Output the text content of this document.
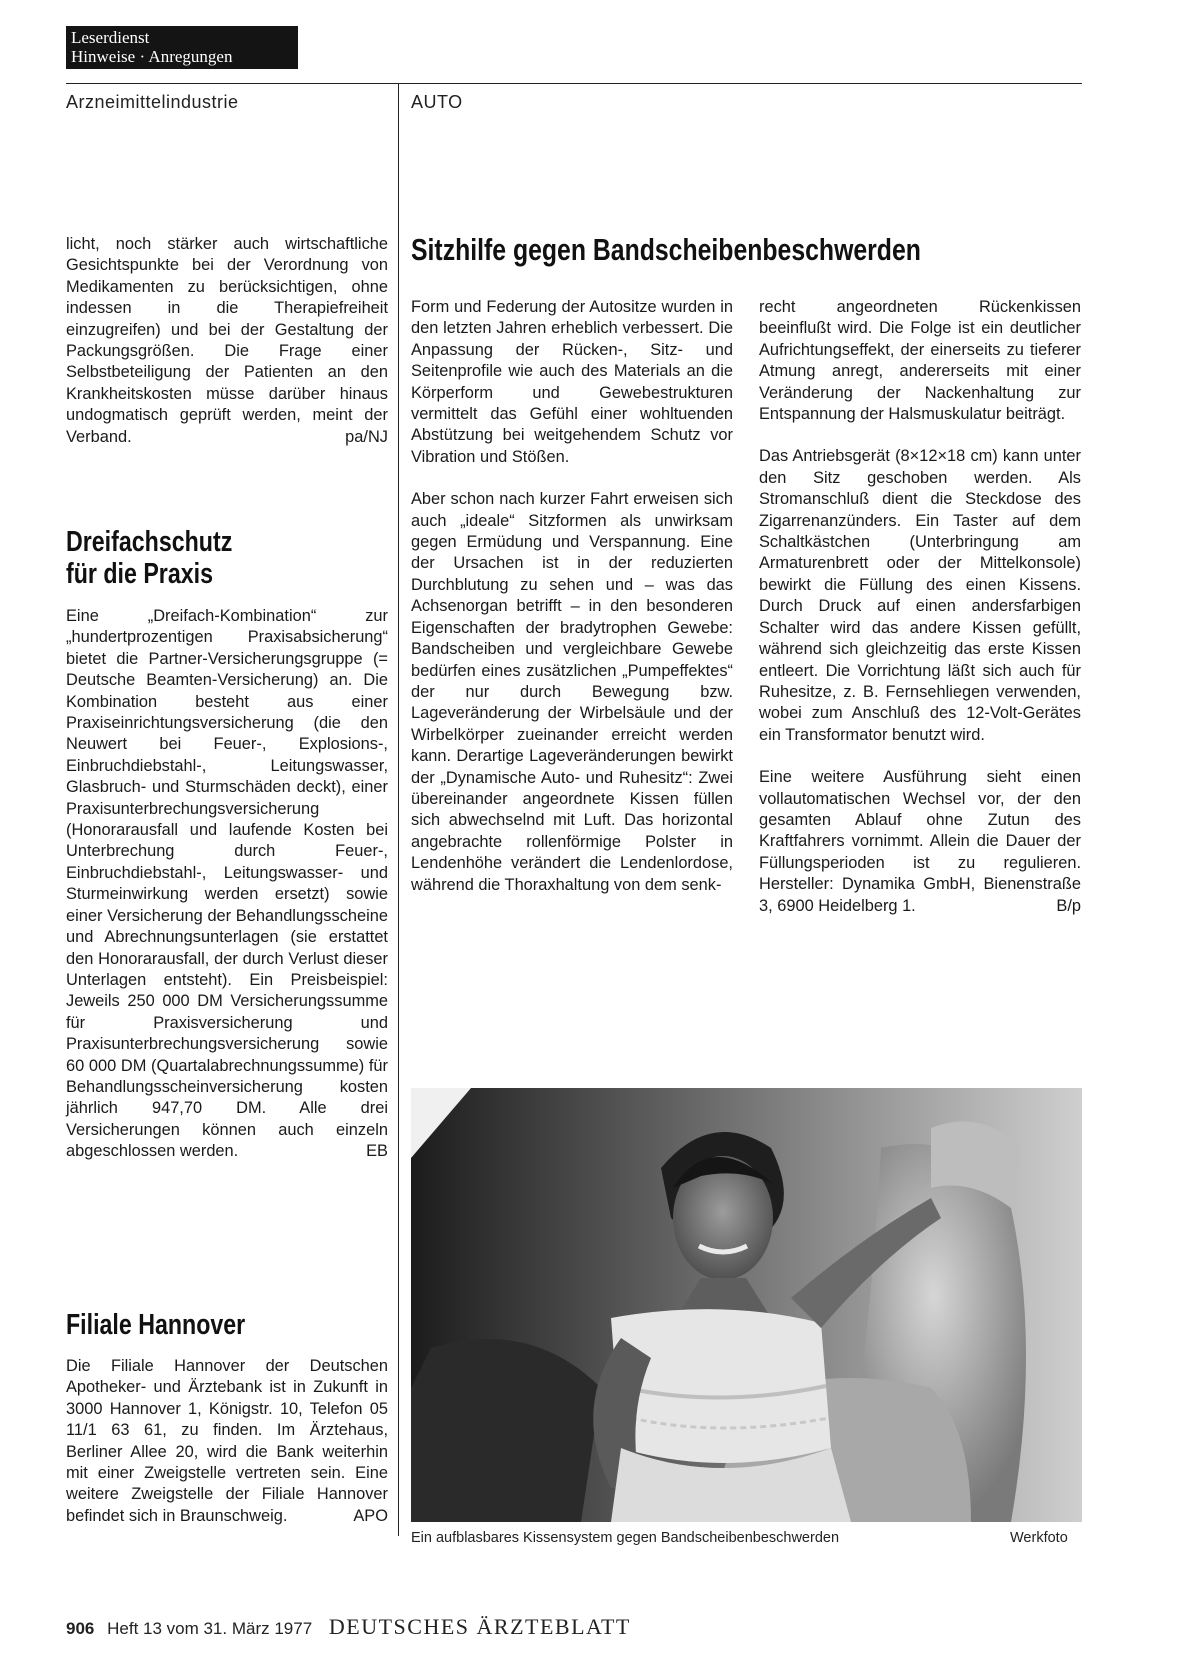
Leserdienst
Hinweise · Anregungen
Arzneimittelindustrie	AUTO

licht, noch stärker auch wirtschaftliche Gesichtspunkte bei der Verordnung von Medikamenten zu berücksichtigen, ohne indessen in die Therapiefreiheit einzugreifen) und bei der Gestaltung der Packungsgrößen. Die Frage einer Selbstbeteiligung der Patienten an den Krankheitskosten müsse darüber hinaus undogmatisch geprüft werden, meint der Verband.	pa/NJ

Dreifachschutz
für die Praxis

Eine „Dreifach-Kombination“ zur „hundertprozentigen Praxisabsicherung“ bietet die Partner-Versicherungsgruppe (= Deutsche Beamten-Versicherung) an. Die Kombination besteht aus einer Praxiseinrichtungsversicherung (die den Neuwert bei Feuer-, Explosions-, Einbruchdiebstahl-, Leitungswasser, Glasbruch- und Sturmschäden deckt), einer Praxisunterbrechungsversicherung (Honorarausfall und laufende Kosten bei Unterbrechung durch Feuer-, Einbruchdiebstahl-, Leitungswasser- und Sturmeinwirkung werden ersetzt) sowie einer Versicherung der Behandlungsscheine und Abrechnungsunterlagen (sie erstattet den Honorarausfall, der durch Verlust dieser Unterlagen entsteht). Ein Preisbeispiel: Jeweils 250 000 DM Versicherungssumme für Praxisversicherung und Praxisunterbrechungsversicherung sowie 60 000 DM (Quartalabrechnungssumme) für Behandlungsscheinversicherung kosten jährlich 947,70 DM. Alle drei Versicherungen können auch einzeln abgeschlossen werden.	EB

Filiale Hannover

Die Filiale Hannover der Deutschen Apotheker- und Ärztebank ist in Zukunft in 3000 Hannover 1, Königstr. 10, Telefon 05 11/1 63 61, zu finden. Im Ärztehaus, Berliner Allee 20, wird die Bank weiterhin mit einer Zweigstelle vertreten sein. Eine weitere Zweigstelle der Filiale Hannover befindet sich in Braunschweig.	APO

Sitzhilfe gegen Bandscheibenbeschwerden

Form und Federung der Autositze wurden in den letzten Jahren erheblich verbessert. Die Anpassung der Rücken-, Sitz- und Seitenprofile wie auch des Materials an die Körperform und Gewebestrukturen vermittelt das Gefühl einer wohltuenden Abstützung bei weitgehendem Schutz vor Vibration und Stößen.

Aber schon nach kurzer Fahrt erweisen sich auch „ideale“ Sitzformen als unwirksam gegen Ermüdung und Verspannung. Eine der Ursachen ist in der reduzierten Durchblutung zu sehen und – was das Achsenorgan betrifft – in den besonderen Eigenschaften der bradytrophen Gewebe: Bandscheiben und vergleichbare Gewebe bedürfen eines zusätzlichen „Pumpeffektes“ der nur durch Bewegung bzw. Lageveränderung der Wirbelsäule und der Wirbelkörper zueinander erreicht werden kann. Derartige Lageveränderungen bewirkt der „Dynamische Auto- und Ruhesitz“: Zwei übereinander angeordnete Kissen füllen sich abwechselnd mit Luft. Das horizontal angebrachte rollenförmige Polster in Lendenhöhe verändert die Lendenlordose, während die Thoraxhaltung von dem senk-

recht angeordneten Rückenkissen beeinflußt wird. Die Folge ist ein deutlicher Aufrichtungseffekt, der einerseits zu tieferer Atmung anregt, andererseits mit einer Veränderung der Nackenhaltung zur Entspannung der Halsmuskulatur beiträgt.

Das Antriebsgerät (8×12×18 cm) kann unter den Sitz geschoben werden. Als Stromanschluß dient die Steckdose des Zigarrenanzünders. Ein Taster auf dem Schaltkästchen (Unterbringung am Armaturenbrett oder der Mittelkonsole) bewirkt die Füllung des einen Kissens. Durch Druck auf einen andersfarbigen Schalter wird das andere Kissen gefüllt, während sich gleichzeitig das erste Kissen entleert. Die Vorrichtung läßt sich auch für Ruhesitze, z. B. Fernsehliegen verwenden, wobei zum Anschluß des 12-Volt-Gerätes ein Transformator benutzt wird.

Eine weitere Ausführung sieht einen vollautomatischen Wechsel vor, der den gesamten Ablauf ohne Zutun des Kraftfahrers vornimmt. Allein die Dauer der Füllungsperioden ist zu regulieren. Hersteller: Dynamika GmbH, Bienenstraße 3, 6900 Heidelberg 1.	B/p

Ein aufblasbares Kissensystem gegen Bandscheibenbeschwerden	Werkfoto
906 Heft 13 vom 31. März 1977 DEUTSCHES ÄRZTEBLATT
